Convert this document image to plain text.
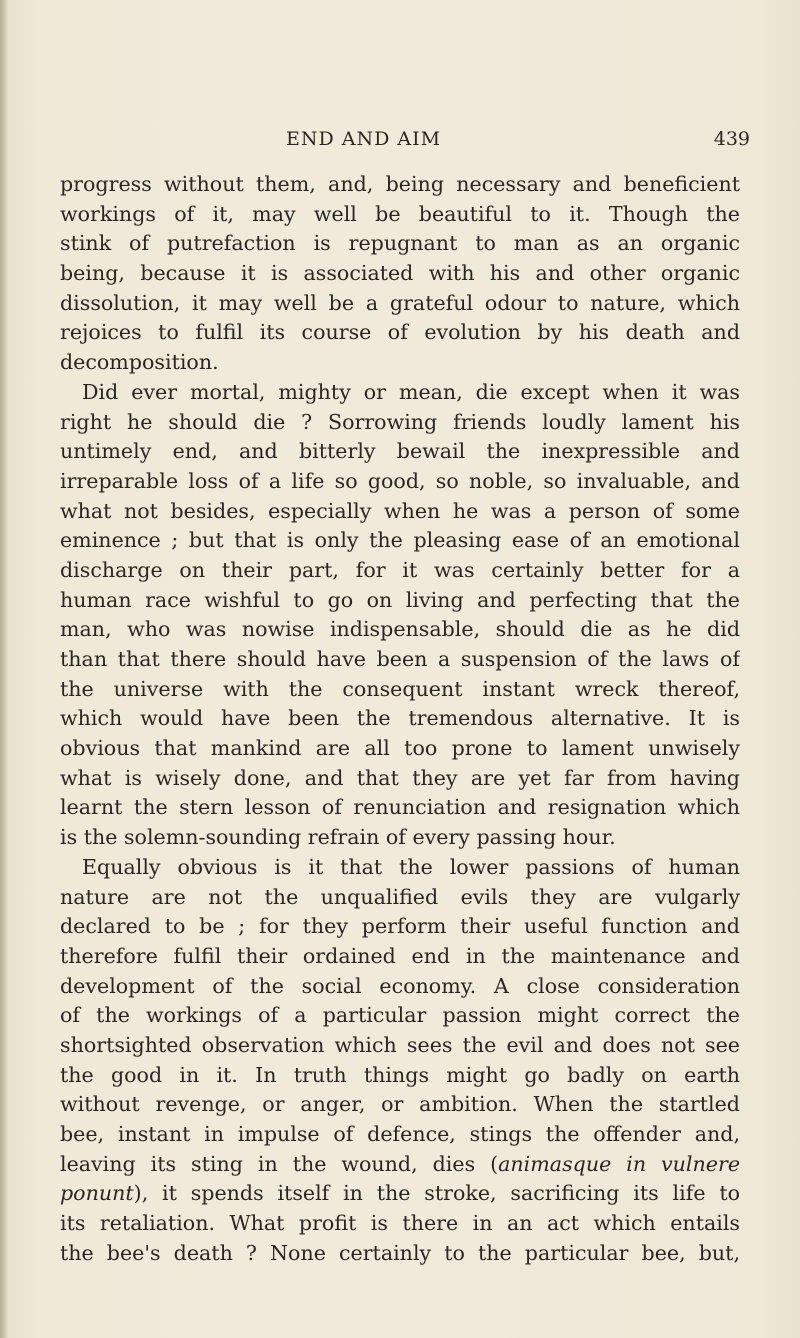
END AND AIM	439
progress without them, and, being necessary and beneficient
workings of it, may well be beautiful to it. Though the
stink of putrefaction is repugnant to man as an organic
being, because it is associated with his and other organic
dissolution, it may well be a grateful odour to nature, which
rejoices to fulfil its course of evolution by his death and
decomposition.
Did ever mortal, mighty or mean, die except when it was
right he should die ? Sorrowing friends loudly lament his
untimely end, and bitterly bewail the inexpressible and
irreparable loss of a life so good, so noble, so invaluable, and
what not besides, especially when he was a person of some
eminence ; but that is only the pleasing ease of an emotional
discharge on their part, for it was certainly better for a
human race wishful to go on living and perfecting that the
man, who was nowise indispensable, should die as he did
than that there should have been a suspension of the laws of
the universe with the consequent instant wreck thereof,
which would have been the tremendous alternative. It is
obvious that mankind are all too prone to lament unwisely
what is wisely done, and that they are yet far from having
learnt the stern lesson of renunciation and resignation which
is the solemn-sounding refrain of every passing hour.
Equally obvious is it that the lower passions of human
nature are not the unqualified evils they are vulgarly
declared to be ; for they perform their useful function and
therefore fulfil their ordained end in the maintenance and
development of the social economy. A close consideration
of the workings of a particular passion might correct the
shortsighted observation which sees the evil and does not see
the good in it. In truth things might go badly on earth
without revenge, or anger, or ambition. When the startled
bee, instant in impulse of defence, stings the offender and,
leaving its sting in the wound, dies (animasque in vulnere
ponunt), it spends itself in the stroke, sacrificing its life to
its retaliation. What profit is there in an act which entails
the bee's death ? None certainly to the particular bee, but,
